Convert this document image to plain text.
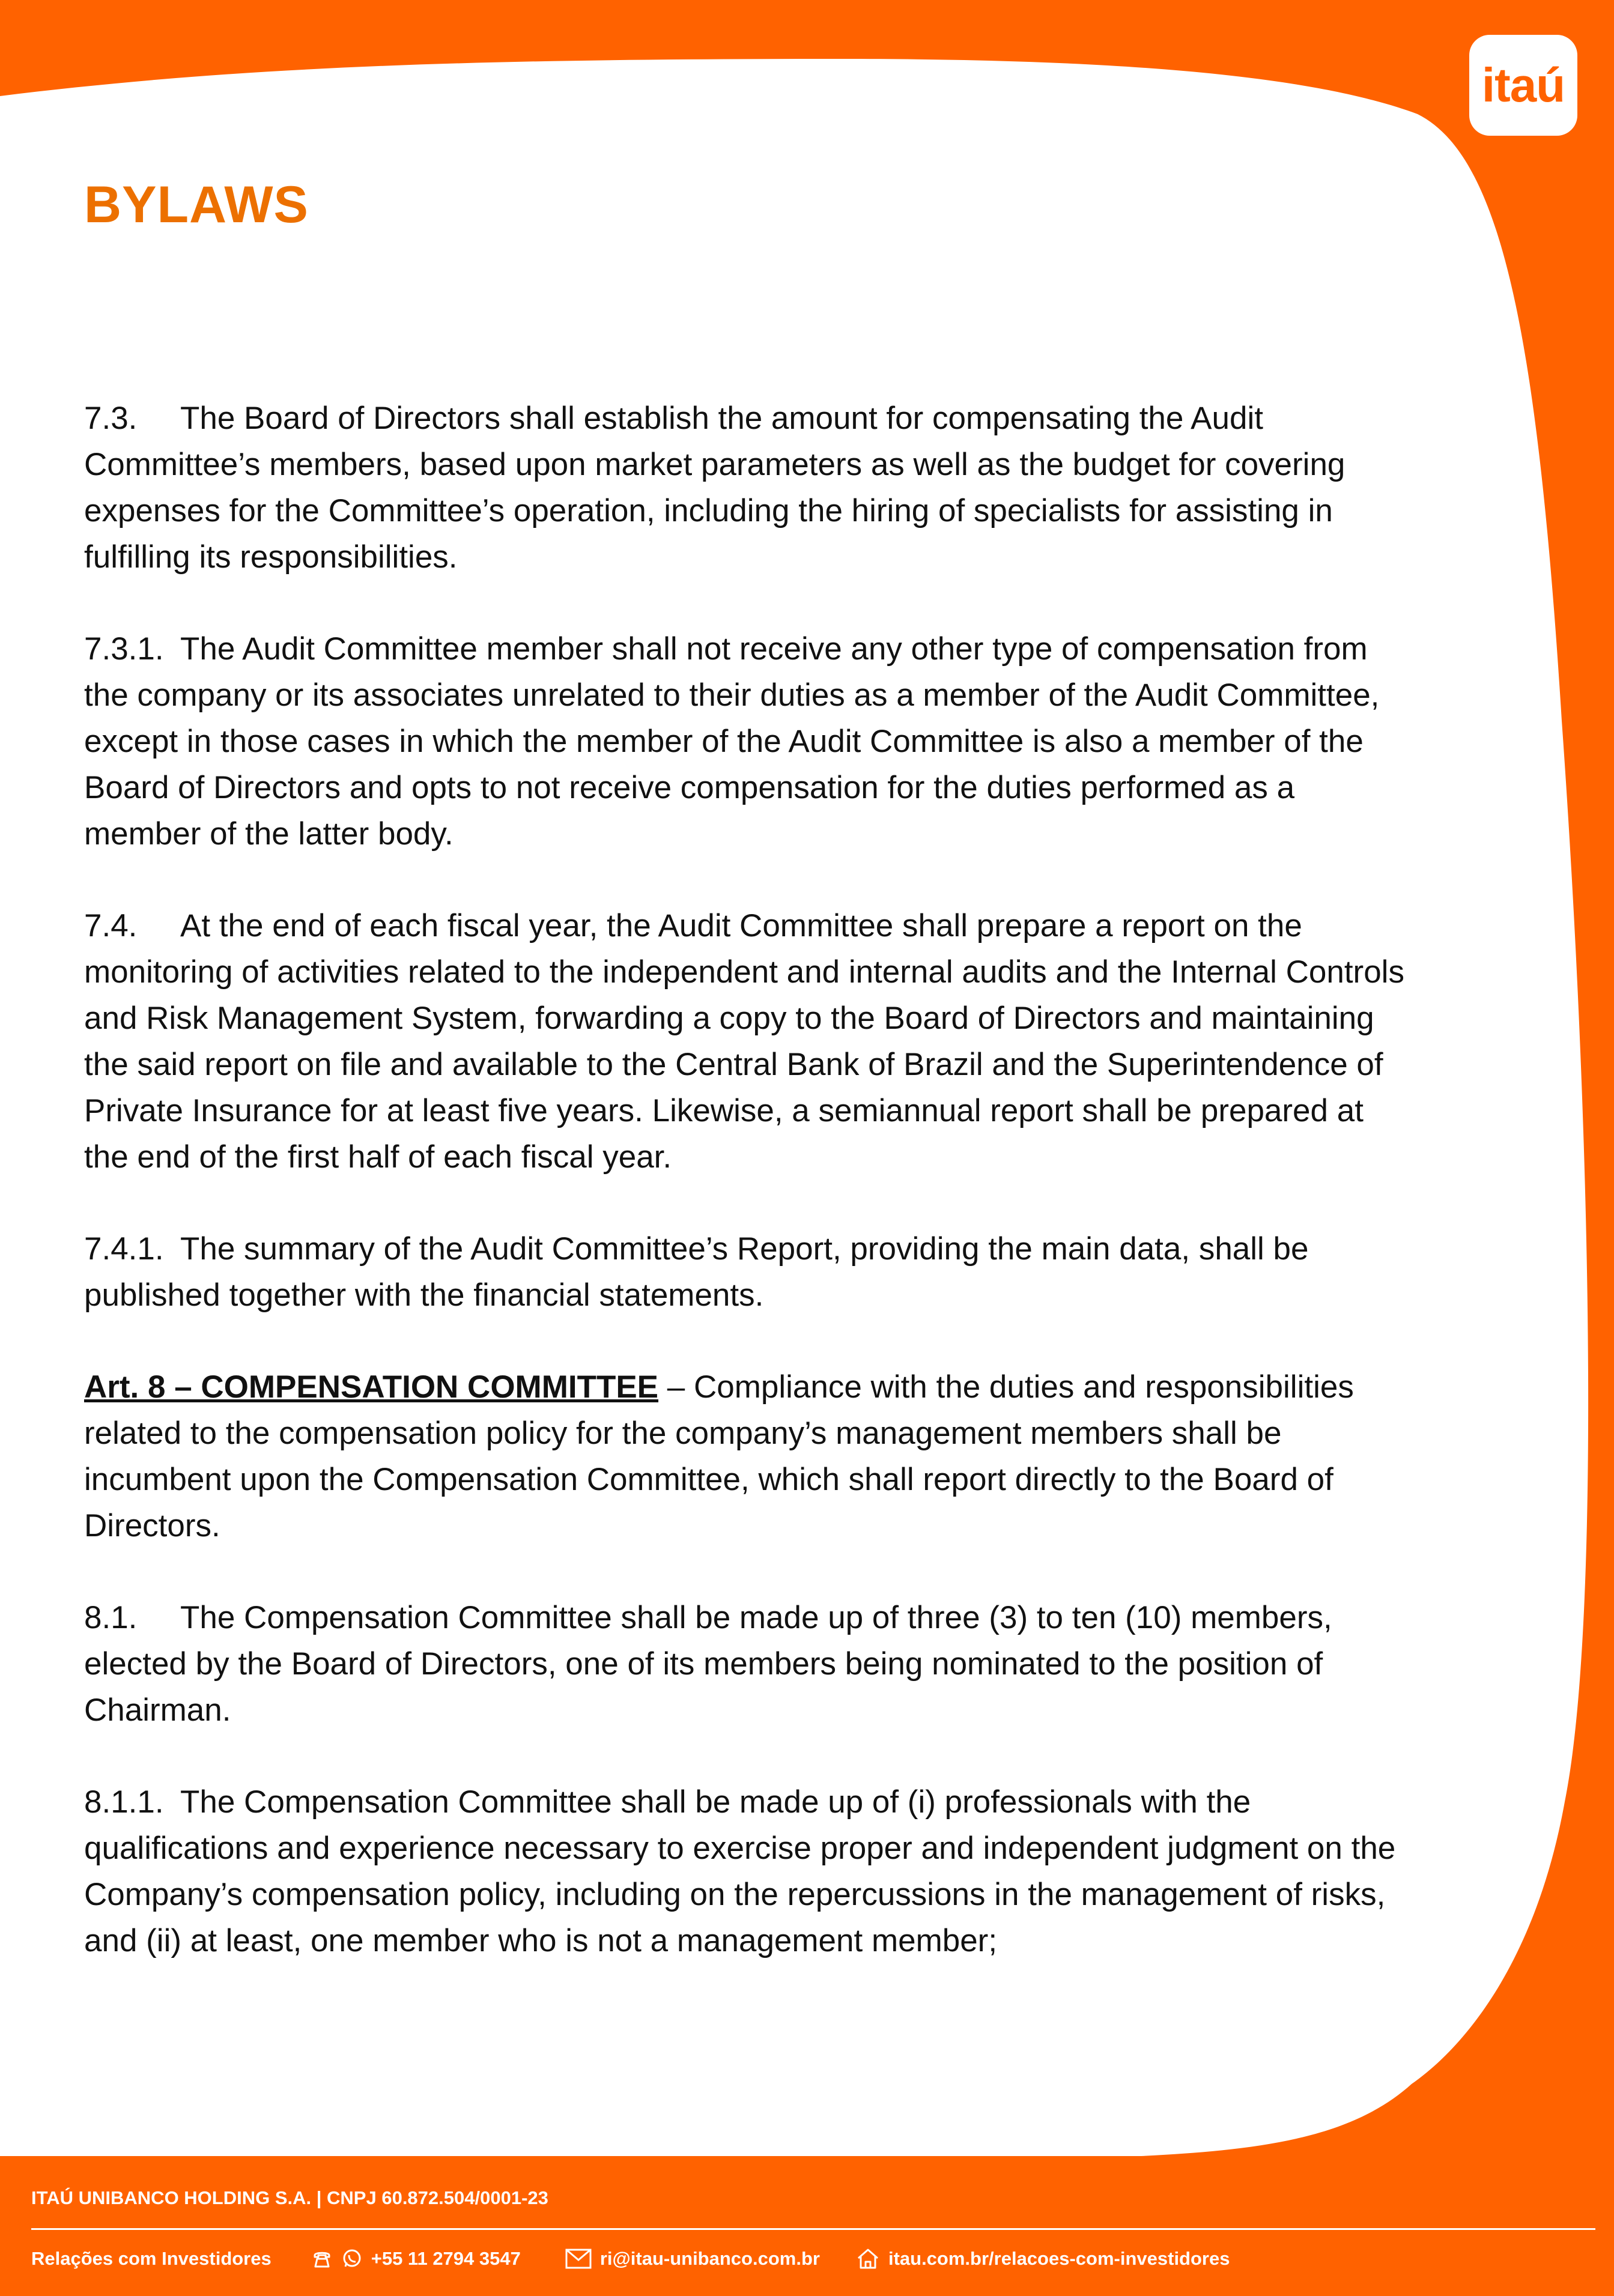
itaú
BYLAWS

7.3. The Board of Directors shall establish the amount for compensating the Audit Committee’s members, based upon market parameters as well as the budget for covering expenses for the Committee’s operation, including the hiring of specialists for assisting in fulfilling its responsibilities.

7.3.1. The Audit Committee member shall not receive any other type of compensation from the company or its associates unrelated to their duties as a member of the Audit Committee, except in those cases in which the member of the Audit Committee is also a member of the Board of Directors and opts to not receive compensation for the duties performed as a member of the latter body.

7.4. At the end of each fiscal year, the Audit Committee shall prepare a report on the monitoring of activities related to the independent and internal audits and the Internal Controls and Risk Management System, forwarding a copy to the Board of Directors and maintaining the said report on file and available to the Central Bank of Brazil and the Superintendence of Private Insurance for at least five years. Likewise, a semiannual report shall be prepared at the end of the first half of each fiscal year.

7.4.1. The summary of the Audit Committee’s Report, providing the main data, shall be published together with the financial statements.

Art. 8 – COMPENSATION COMMITTEE – Compliance with the duties and responsibilities related to the compensation policy for the company’s management members shall be incumbent upon the Compensation Committee, which shall report directly to the Board of Directors.

8.1. The Compensation Committee shall be made up of three (3) to ten (10) members, elected by the Board of Directors, one of its members being nominated to the position of Chairman.

8.1.1. The Compensation Committee shall be made up of (i) professionals with the qualifications and experience necessary to exercise proper and independent judgment on the Company’s compensation policy, including on the repercussions in the management of risks, and (ii) at least, one member who is not a management member;

ITAÚ UNIBANCO HOLDING S.A. | CNPJ 60.872.504/0001-23
Relações com Investidores	+55 11 2794 3547	ri@itau-unibanco.com.br	itau.com.br/relacoes-com-investidores
